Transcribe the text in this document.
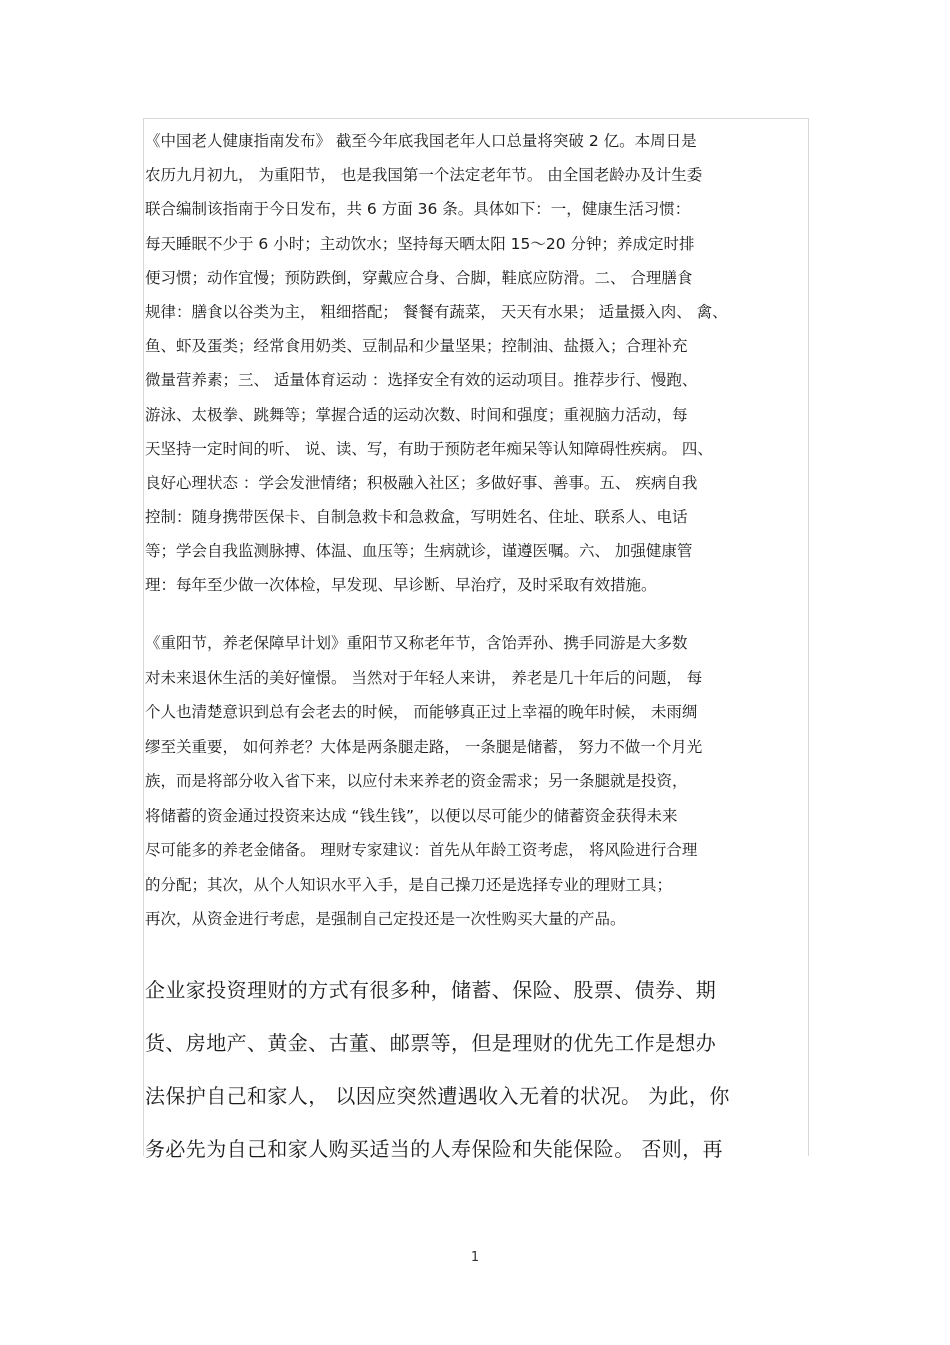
《中国老人健康指南发布》 截至今年底我国老年人口总量将突破 2 亿。本周日是
农历九月初九， 为重阳节， 也是我国第一个法定老年节。 由全国老龄办及计生委
联合编制该指南于今日发布，共 6 方面 36 条。具体如下：一，健康生活习惯：
每天睡眠不少于 6 小时；主动饮水；坚持每天晒太阳 15～20 分钟；养成定时排
便习惯；动作宜慢；预防跌倒，穿戴应合身、合脚，鞋底应防滑。二、 合理膳食
规律：膳食以谷类为主， 粗细搭配； 餐餐有蔬菜， 天天有水果； 适量摄入肉、 禽、
鱼、虾及蛋类；经常食用奶类、豆制品和少量坚果；控制油、盐摄入；合理补充
微量营养素；三、 适量体育运动 ：选择安全有效的运动项目。推荐步行、慢跑、
游泳、太极拳、跳舞等；掌握合适的运动次数、时间和强度；重视脑力活动，每
天坚持一定时间的听、 说、读、写，有助于预防老年痴呆等认知障碍性疾病。 四、
良好心理状态 ：学会发泄情绪；积极融入社区；多做好事、善事。五、 疾病自我
控制：随身携带医保卡、自制急救卡和急救盒，写明姓名、住址、联系人、电话
等；学会自我监测脉搏、体温、血压等；生病就诊，谨遵医嘱。六、 加强健康管
理：每年至少做一次体检，早发现、早诊断、早治疗，及时采取有效措施。
《重阳节，养老保障早计划》重阳节又称老年节，含饴弄孙、携手同游是大多数
对未来退休生活的美好憧憬。 当然对于年轻人来讲， 养老是几十年后的问题， 每
个人也清楚意识到总有会老去的时候， 而能够真正过上幸福的晚年时候， 未雨绸
缪至关重要， 如何养老？大体是两条腿走路， 一条腿是储蓄， 努力不做一个月光
族，而是将部分收入省下来，以应付未来养老的资金需求；另一条腿就是投资，
将储蓄的资金通过投资来达成 “钱生钱”，以便以尽可能少的储蓄资金获得未来
尽可能多的养老金储备。 理财专家建议：首先从年龄工资考虑， 将风险进行合理
的分配；其次，从个人知识水平入手，是自己操刀还是选择专业的理财工具；
再次，从资金进行考虑，是强制自己定投还是一次性购买大量的产品。
企业家投资理财的方式有很多种，储蓄、保险、股票、债券、期
货、房地产、黄金、古董、邮票等，但是理财的优先工作是想办
法保护自己和家人， 以因应突然遭遇收入无着的状况。 为此，你
务必先为自己和家人购买适当的人寿保险和失能保险。 否则，再
1
